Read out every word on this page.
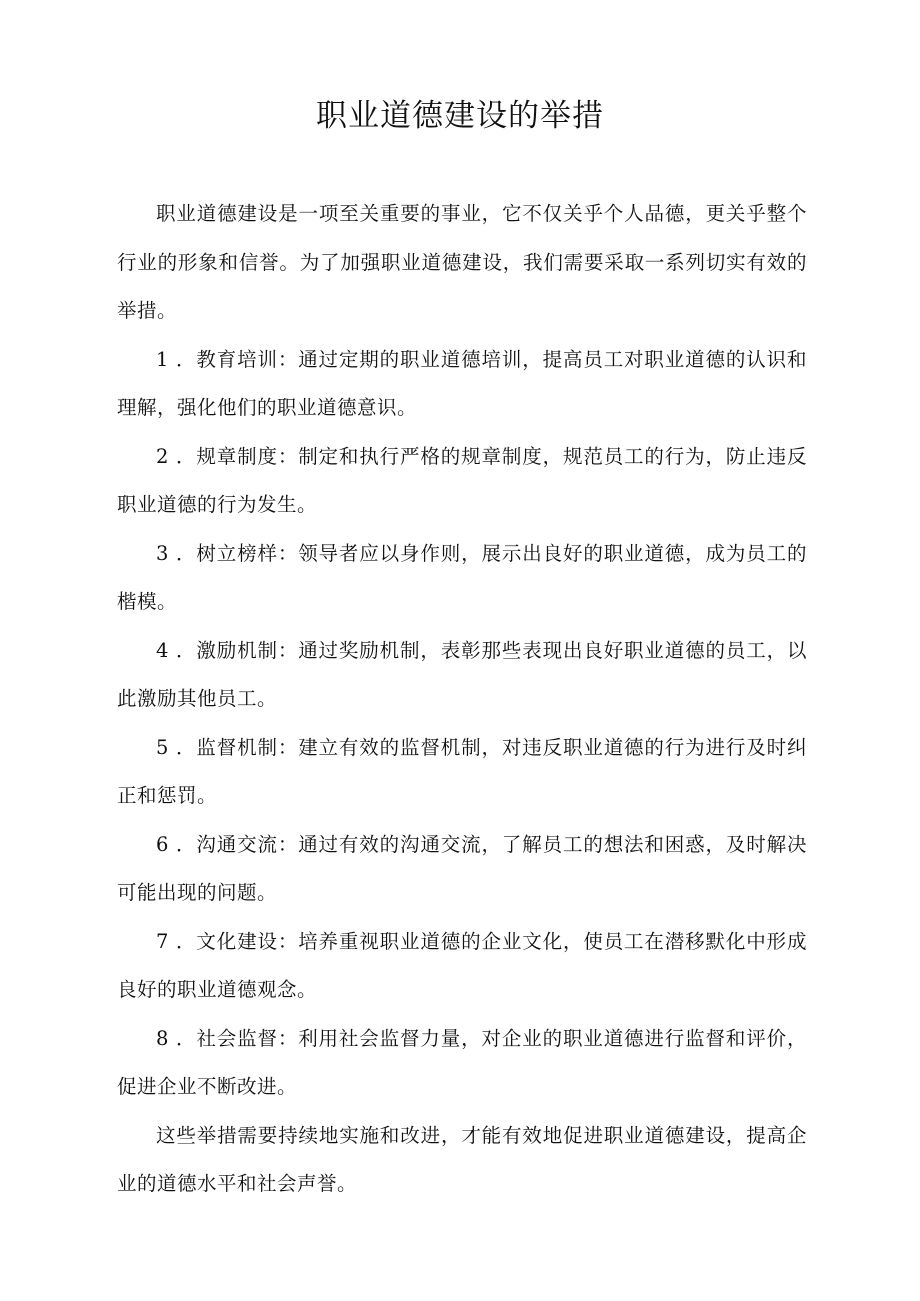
职业道德建设的举措

职业道德建设是一项至关重要的事业，它不仅关乎个人品德，更关乎整个行业的形象和信誉。为了加强职业道德建设，我们需要采取一系列切实有效的举措。

1 ．教育培训：通过定期的职业道德培训，提高员工对职业道德的认识和理解，强化他们的职业道德意识。

2 ．规章制度：制定和执行严格的规章制度，规范员工的行为，防止违反职业道德的行为发生。

3 ．树立榜样：领导者应以身作则，展示出良好的职业道德，成为员工的楷模。

4 ．激励机制：通过奖励机制，表彰那些表现出良好职业道德的员工，以此激励其他员工。

5 ．监督机制：建立有效的监督机制，对违反职业道德的行为进行及时纠正和惩罚。

6 ．沟通交流：通过有效的沟通交流，了解员工的想法和困惑，及时解决可能出现的问题。

7 ．文化建设：培养重视职业道德的企业文化，使员工在潜移默化中形成良好的职业道德观念。

8 ．社会监督：利用社会监督力量，对企业的职业道德进行监督和评价，促进企业不断改进。

这些举措需要持续地实施和改进，才能有效地促进职业道德建设，提高企业的道德水平和社会声誉。
